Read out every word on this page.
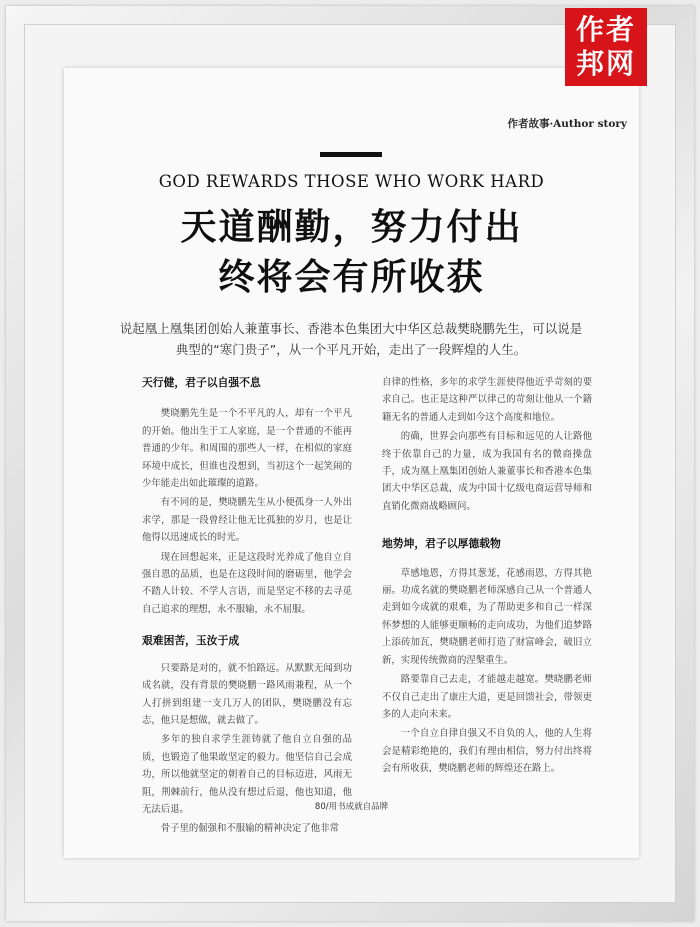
作者
邦网
作者故事·Author story
GOD REWARDS THOSE WHO WORK HARD
天道酬勤，努力付出
终将会有所收获
说起凰上凰集团创始人兼董事长、香港本色集团大中华区总裁樊晓鹏先生，可以说是典型的“寒门贵子”，从一个平凡开始，走出了一段辉煌的人生。
天行健，君子以自强不息

樊晓鹏先生是一个不平凡的人，却有一个平凡的开始。他出生于工人家庭，是一个普通的不能再普通的少年。和周围的那些人一样，在相似的家庭环境中成长，但谁也没想到，当初这个一起笑闹的少年能走出如此璀璨的道路。

有不同的是，樊晓鹏先生从小便孤身一人外出求学，那是一段曾经让他无比孤独的岁月，也是让他得以迅速成长的时光。

现在回想起来，正是这段时光养成了他自立自强自恩的品质，也是在这段时间的磨砺里，他学会不踏人计较、不学人言语，而是坚定不移的去寻觅自己追求的理想，永不服输，永不屈服。

艰难困苦，玉汝于成

只要路是对的，就不怕路远。从默默无闻到功成名就，没有背景的樊晓鹏一路风雨兼程，从一个人打拼到组建一支几万人的团队，樊晓鹏没有忘志，他只是想做，就去做了。

多年的独自求学生涯铸就了他自立自强的品质，也锻造了他果敢坚定的毅力。他坚信自己会成功，所以他就坚定的朝着自己的目标迈进，风雨无阻，荆棘前行，他从没有想过后退，他也知道，他无法后退。

骨子里的倔强和不服输的精神决定了他非常

自律的性格，多年的求学生涯使得他近乎苛刻的要求自己。也正是这种严以律己的苛刻让他从一个籍籍无名的普通人走到如今这个高度和地位。

的确，世界会向那些有目标和远见的人让路他终于依靠自己的力量，成为我国有名的微商操盘手，成为凰上凰集团创始人兼董事长和香港本色集团大中华区总裁，成为中国十亿级电商运营导师和直销化微商战略顾问。

地势坤，君子以厚德载物

草感地恩，方得其葱茏，花感雨恩，方得其艳丽。功成名就的樊晓鹏老师深感自己从一个普通人走到如今成就的艰难，为了帮助更多和自己一样深怀梦想的人能够更顺畅的走向成功，为他们追梦路上添砖加瓦，樊晓鹏老师打造了财富峰会，破旧立新，实现传统微商的涅槃重生。

路要靠自己去走，才能越走越宽。樊晓鹏老师不仅自己走出了康庄大道，更是回馈社会，带领更多的人走向未来。

一个自立自律自强又不自负的人，他的人生将会是精彩绝艳的，我们有理由相信，努力付出终将会有所收获，樊晓鹏老师的辉煌还在路上。

80/用书成就自品牌
